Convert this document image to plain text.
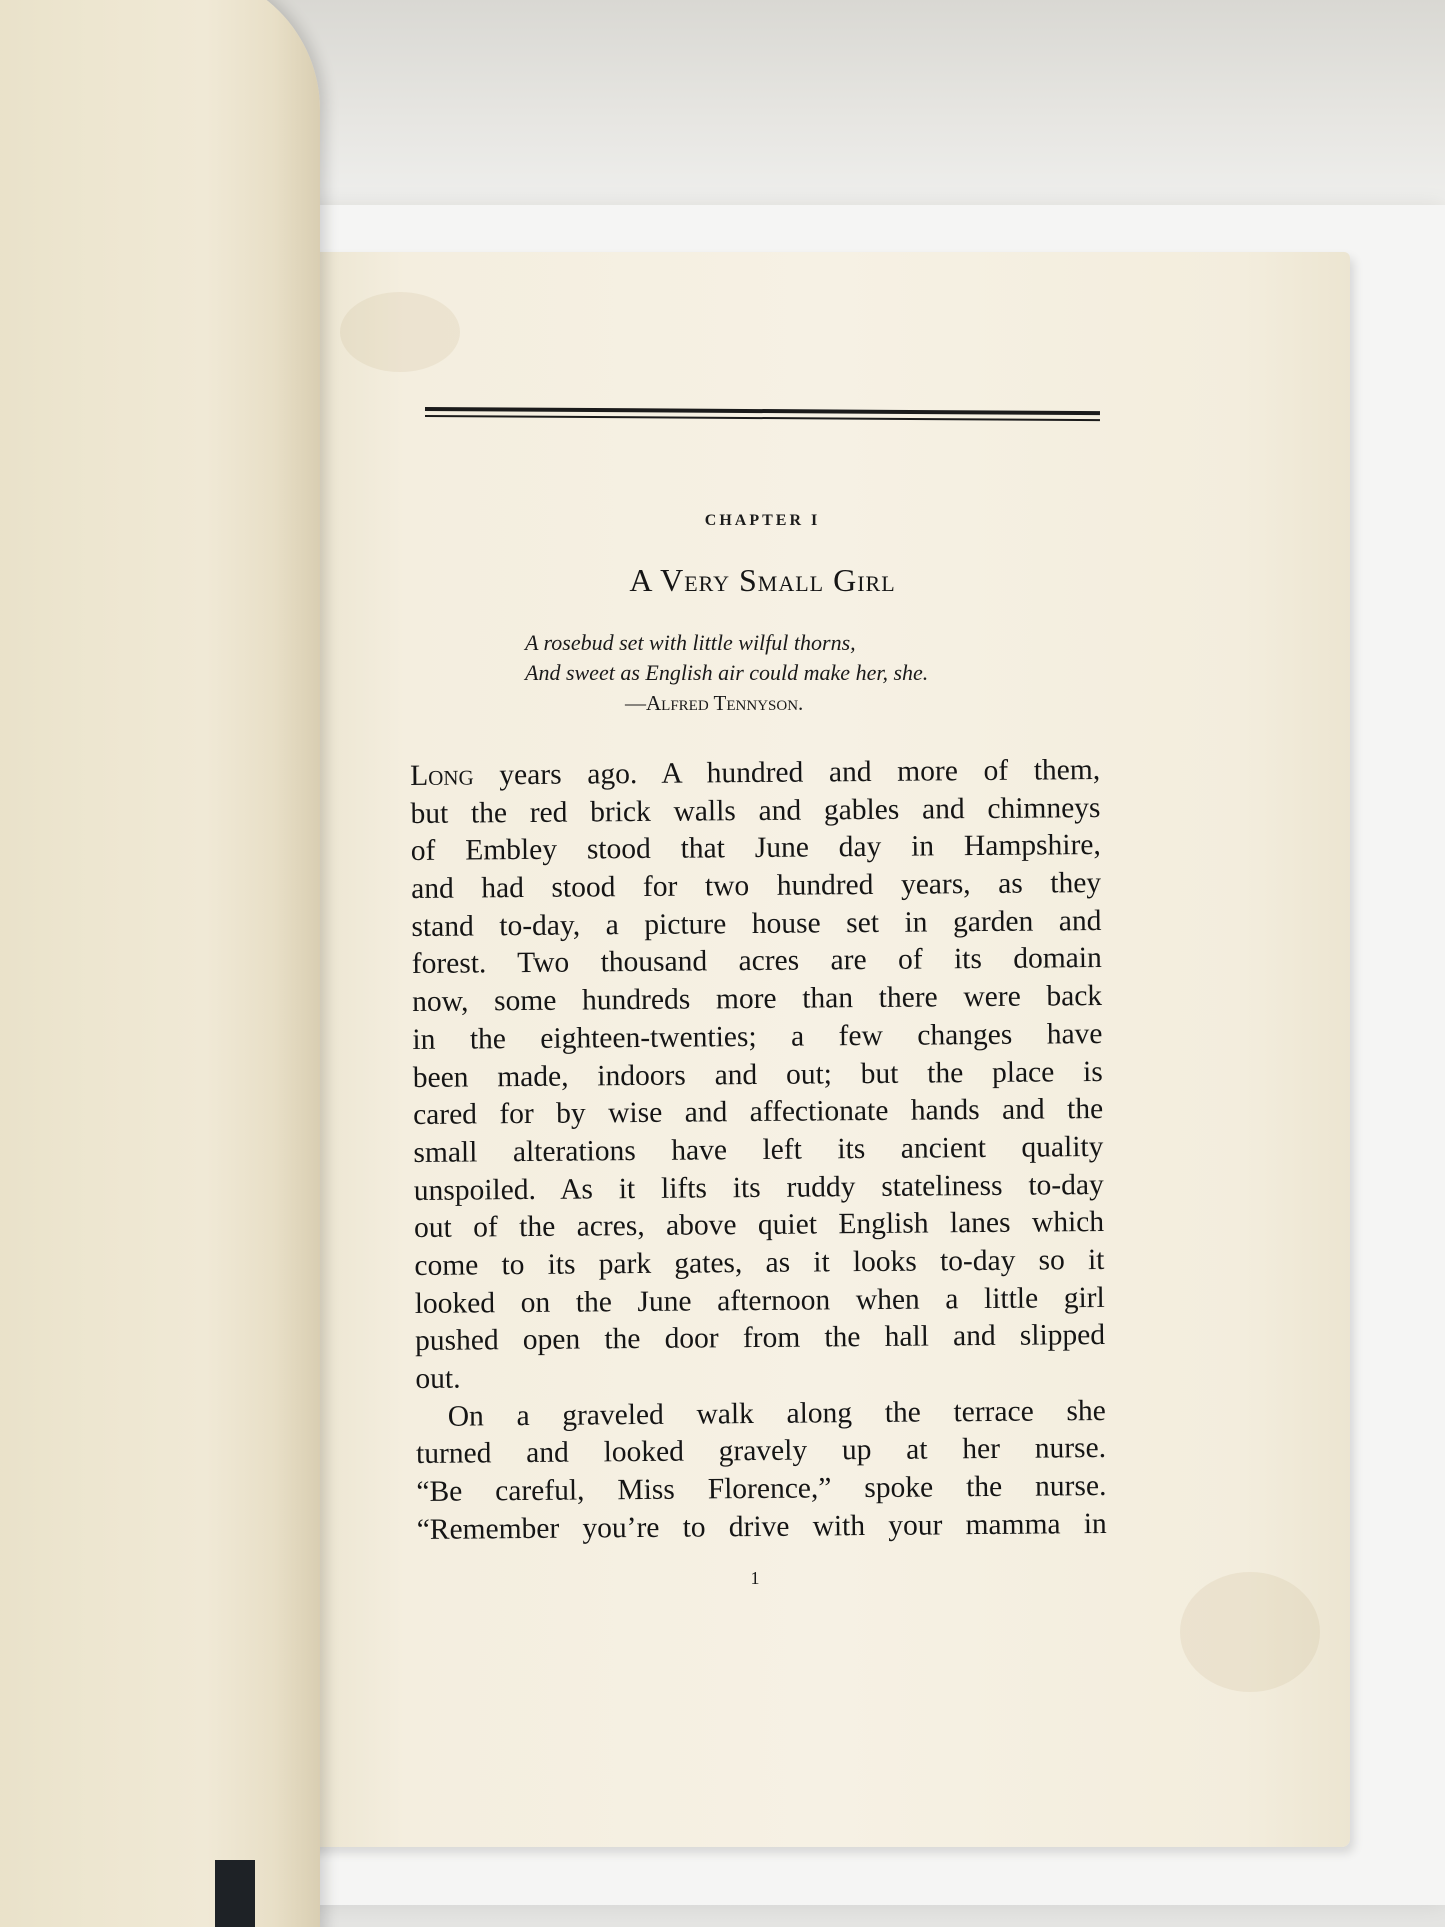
CHAPTER I
A Very Small Girl
A rosebud set with little wilful thorns,
And sweet as English air could make her, she.
—Alfred Tennyson.
Long years ago. A hundred and more of them,
but the red brick walls and gables and chimneys
of Embley stood that June day in Hampshire,
and had stood for two hundred years, as they
stand to-day, a picture house set in garden and
forest. Two thousand acres are of its domain
now, some hundreds more than there were back
in the eighteen-twenties; a few changes have
been made, indoors and out; but the place is
cared for by wise and affectionate hands and the
small alterations have left its ancient quality
unspoiled. As it lifts its ruddy stateliness to-day
out of the acres, above quiet English lanes which
come to its park gates, as it looks to-day so it
looked on the June afternoon when a little girl
pushed open the door from the hall and slipped
out.
On a graveled walk along the terrace she
turned and looked gravely up at her nurse.
“Be careful, Miss Florence,” spoke the nurse.
“Remember you’re to drive with your mamma in
1
